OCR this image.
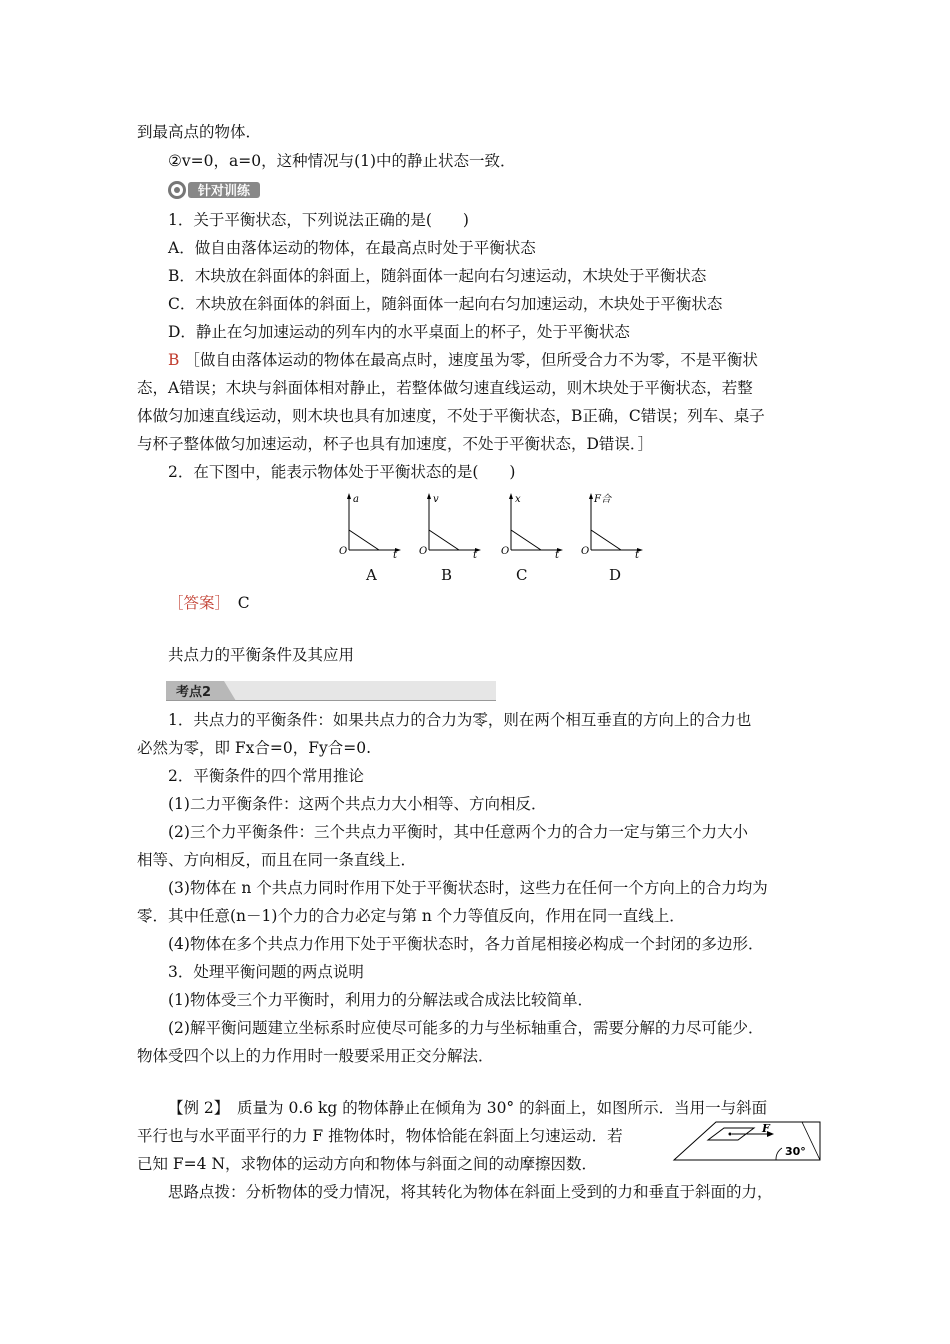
到最高点的物体．
②v=0，a=0，这种情况与(1)中的静止状态一致．
针对训练
1．关于平衡状态，下列说法正确的是(　　)
A．做自由落体运动的物体，在最高点时处于平衡状态
B．木块放在斜面体的斜面上，随斜面体一起向右匀速运动，木块处于平衡状态
C．木块放在斜面体的斜面上，随斜面体一起向右匀加速运动，木块处于平衡状态
D．静止在匀加速运动的列车内的水平桌面上的杯子，处于平衡状态
B ［做自由落体运动的物体在最高点时，速度虽为零，但所受合力不为零，不是平衡状
态，A错误；木块与斜面体相对静止，若整体做匀速直线运动，则木块处于平衡状态，若整
体做匀加速直线运动，则木块也具有加速度，不处于平衡状态，B正确，C错误；列车、桌子
与杯子整体做匀加速运动，杯子也具有加速度，不处于平衡状态，D错误．］
2．在下图中，能表示物体处于平衡状态的是(　　)
a
O	t
v
O	t
x
O	t
F合
O	t
A	B	C	D
［答案］　 C
共点力的平衡条件及其应用
考点2
1．共点力的平衡条件：如果共点力的合力为零，则在两个相互垂直的方向上的合力也
必然为零，即 Fx合=0，Fy合=0.
2．平衡条件的四个常用推论
(1)二力平衡条件：这两个共点力大小相等、方向相反．
(2)三个力平衡条件：三个共点力平衡时，其中任意两个力的合力一定与第三个力大小
相等、方向相反，而且在同一条直线上．
(3)物体在 n 个共点力同时作用下处于平衡状态时，这些力在任何一个方向上的合力均为
零．其中任意(n－1)个力的合力必定与第 n 个力等值反向，作用在同一直线上．
(4)物体在多个共点力作用下处于平衡状态时，各力首尾相接必构成一个封闭的多边形．
3．处理平衡问题的两点说明
(1)物体受三个力平衡时，利用力的分解法或合成法比较简单．
(2)解平衡问题建立坐标系时应使尽可能多的力与坐标轴重合，需要分解的力尽可能少．
物体受四个以上的力作用时一般要采用正交分解法．
【例 2】　质量为 0.6 kg 的物体静止在倾角为 30° 的斜面上，如图所示．当用一与斜面
平行也与水平面平行的力 F 推物体时，物体恰能在斜面上匀速运动．若
已知 F=4 N，求物体的运动方向和物体与斜面之间的动摩擦因数．
F
30°
思路点拨：分析物体的受力情况，将其转化为物体在斜面上受到的力和垂直于斜面的力，
